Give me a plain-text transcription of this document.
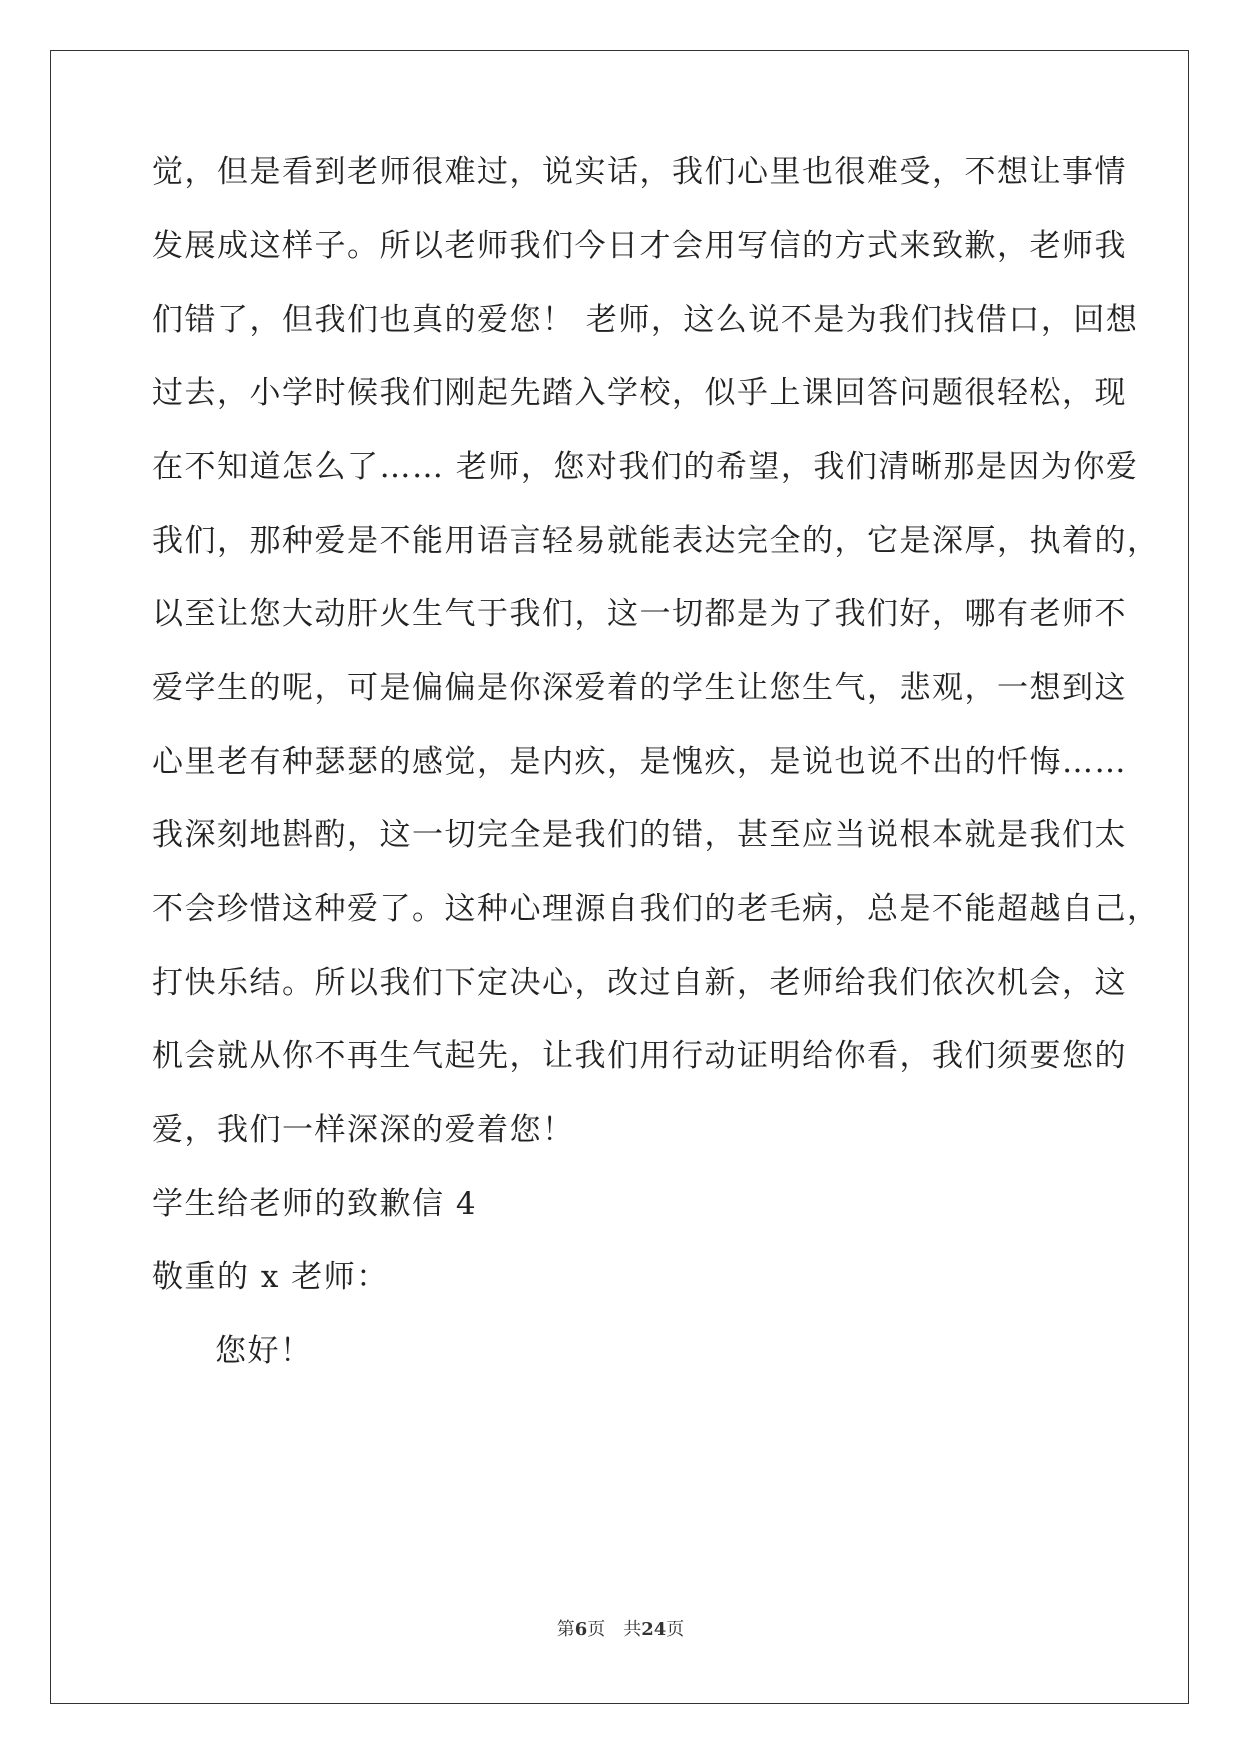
觉，但是看到老师很难过，说实话，我们心里也很难受，不想让事情
发展成这样子。所以老师我们今日才会用写信的方式来致歉，老师我
们错了，但我们也真的爱您！ 老师，这么说不是为我们找借口，回想
过去，小学时候我们刚起先踏入学校，似乎上课回答问题很轻松，现
在不知道怎么了…… 老师，您对我们的希望，我们清晰那是因为你爱
我们，那种爱是不能用语言轻易就能表达完全的，它是深厚，执着的，
以至让您大动肝火生气于我们，这一切都是为了我们好，哪有老师不
爱学生的呢，可是偏偏是你深爱着的学生让您生气，悲观，一想到这
心里老有种瑟瑟的感觉，是内疚，是愧疚，是说也说不出的忏悔……
我深刻地斟酌，这一切完全是我们的错，甚至应当说根本就是我们太
不会珍惜这种爱了。这种心理源自我们的老毛病，总是不能超越自己，
打快乐结。所以我们下定决心，改过自新，老师给我们依次机会，这
机会就从你不再生气起先，让我们用行动证明给你看，我们须要您的
爱，我们一样深深的爱着您！
学生给老师的致歉信 4
敬重的 x 老师：
您好！
第6页 共24页
